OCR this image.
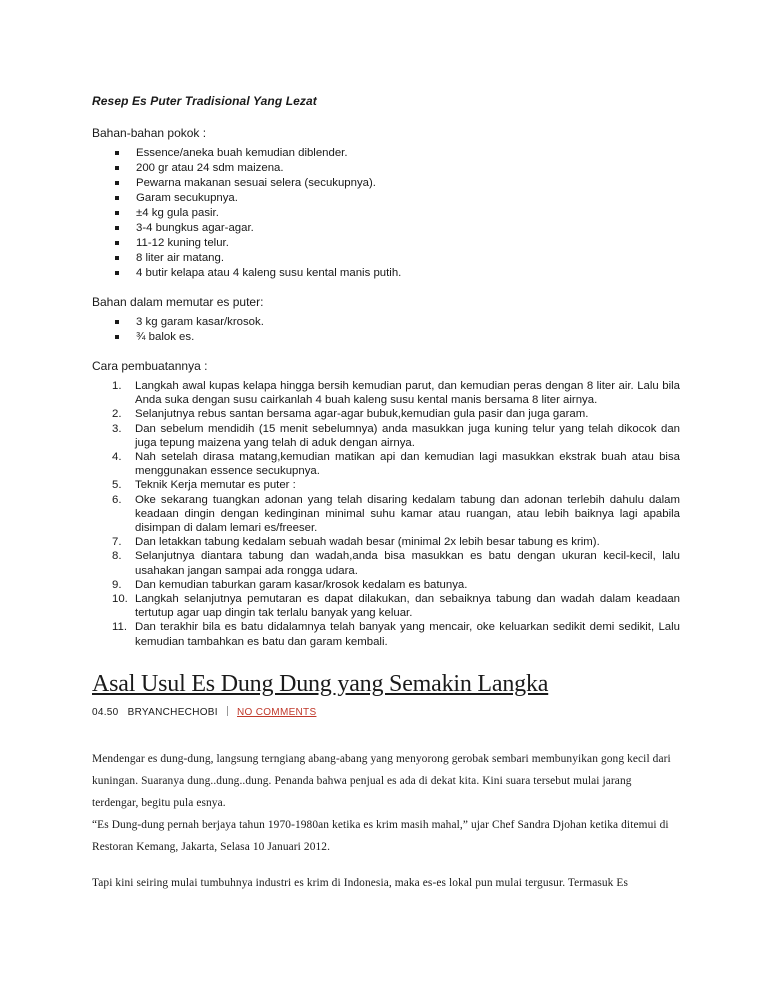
Resep Es Puter Tradisional Yang Lezat
Bahan-bahan pokok :
Essence/aneka buah kemudian diblender.
200 gr atau 24 sdm maizena.
Pewarna makanan sesuai selera (secukupnya).
Garam secukupnya.
±4 kg gula pasir.
3-4 bungkus agar-agar.
11-12 kuning telur.
8 liter air matang.
4 butir kelapa atau 4 kaleng susu kental manis putih.
Bahan dalam memutar es puter:
3 kg garam kasar/krosok.
¾ balok es.
Cara pembuatannya :
1.	Langkah awal kupas kelapa hingga bersih kemudian parut, dan kemudian peras dengan 8 liter air. Lalu bila Anda suka dengan susu cairkanlah 4 buah kaleng susu kental manis bersama 8 liter airnya.
2.	Selanjutnya rebus santan bersama agar-agar bubuk,kemudian gula pasir dan juga garam.
3.	Dan sebelum mendidih (15 menit sebelumnya) anda masukkan juga kuning telur yang telah dikocok dan juga tepung maizena yang telah di aduk dengan airnya.
4.	Nah setelah dirasa matang,kemudian matikan api dan kemudian lagi masukkan ekstrak buah atau bisa menggunakan essence secukupnya.
5.	Teknik Kerja memutar es puter :
6.	Oke sekarang tuangkan adonan yang telah disaring kedalam tabung dan adonan terlebih dahulu dalam keadaan dingin dengan kedinginan minimal suhu kamar atau ruangan, atau lebih baiknya lagi apabila disimpan di dalam lemari es/freeser.
7.	Dan letakkan tabung kedalam sebuah wadah besar (minimal 2x lebih besar tabung es krim).
8.	Selanjutnya diantara tabung dan wadah,anda bisa masukkan es batu dengan ukuran kecil-kecil, lalu usahakan jangan sampai ada rongga udara.
9.	Dan kemudian taburkan garam kasar/krosok kedalam es batunya.
10. Langkah selanjutnya pemutaran es dapat dilakukan, dan sebaiknya tabung dan wadah dalam keadaan tertutup agar uap dingin tak terlalu banyak yang keluar.
11. Dan terakhir bila es batu didalamnya telah banyak yang mencair, oke keluarkan sedikit demi sedikit, Lalu kemudian tambahkan es batu dan garam kembali.
Asal Usul Es Dung Dung yang Semakin Langka
04.50 BRYANCHECHOBI NO COMMENTS

Mendengar es dung-dung, langsung terngiang abang-abang yang menyorong gerobak sembari membunyikan gong kecil dari kuningan. Suaranya dung..dung..dung. Penanda bahwa penjual es ada di dekat kita. Kini suara tersebut mulai jarang terdengar, begitu pula esnya.

“Es Dung-dung pernah berjaya tahun 1970-1980an ketika es krim masih mahal,” ujar Chef Sandra Djohan ketika ditemui di Restoran Kemang, Jakarta, Selasa 10 Januari 2012.

Tapi kini seiring mulai tumbuhnya industri es krim di Indonesia, maka es-es lokal pun mulai tergusur. Termasuk Es
